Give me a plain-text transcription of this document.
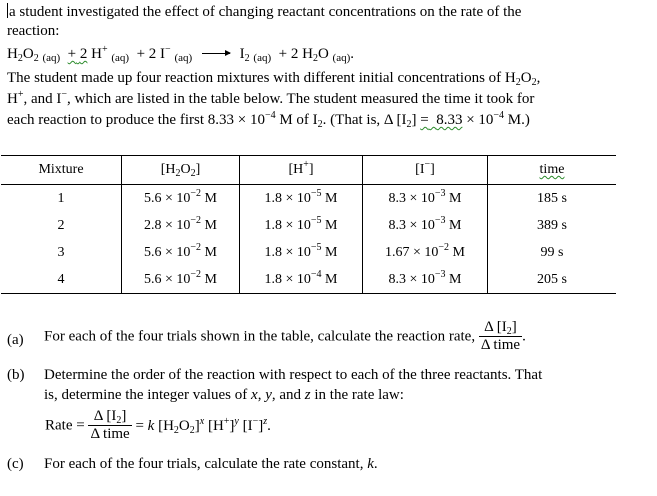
a student investigated the effect of changing reactant concentrations on the rate of the
reaction:
$H_2O_2$ $_{(aq)}$ + 2 H+ $_{(aq)}$ + 2 I− $_{(aq)} \to I_2$ $_{(aq)}$ + 2 $H_2O$ $_{(aq)}$.
The student made up four reaction mixtures with different initial concentrations of $H_2O_2$,
H+, and I−, which are listed in the table below. The student measured the time it took for
each reaction to produce the first $8.33 \times 10^{-4}$ M of $I_2$. (That is, Δ $[I_2] = 8.33 \times 10^{-4}$ M.)
Mixture	$[H_2O_2]$	[H+]	[I−]	time
1	$5.6 \times 10^{-2}$ M	$1.8 \times 10^{-5}$ M	$8.3 \times 10^{-3}$ M	185 s
2	$2.8 \times 10^{-2}$ M	$1.8 \times 10^{-5}$ M	$8.3 \times 10^{-3}$ M	389 s
3	$5.6 \times 10^{-2}$ M	$1.8 \times 10^{-5}$ M	$1.67 \times 10^{-2}$ M	99 s
4	$5.6 \times 10^{-2}$ M	$1.8 \times 10^{-4}$ M	$8.3 \times 10^{-3}$ M	205 s
(a) For each of the four trials shown in the table, calculate the reaction rate, $\frac{\Delta [I_2]}{\text{Δ time}}$ .
(b) Determine the order of the reaction with respect to each of the three reactants. That
is, determine the integer values of x, y, and z in the rate law:
Rate = $\frac{\Delta [I_2]}{\text{Δ time}} = k$ $[H_2O_2]^x$ $[H^+]^y$ $[I^-]^z$.
(c) For each of the four trials, calculate the rate constant, k.
